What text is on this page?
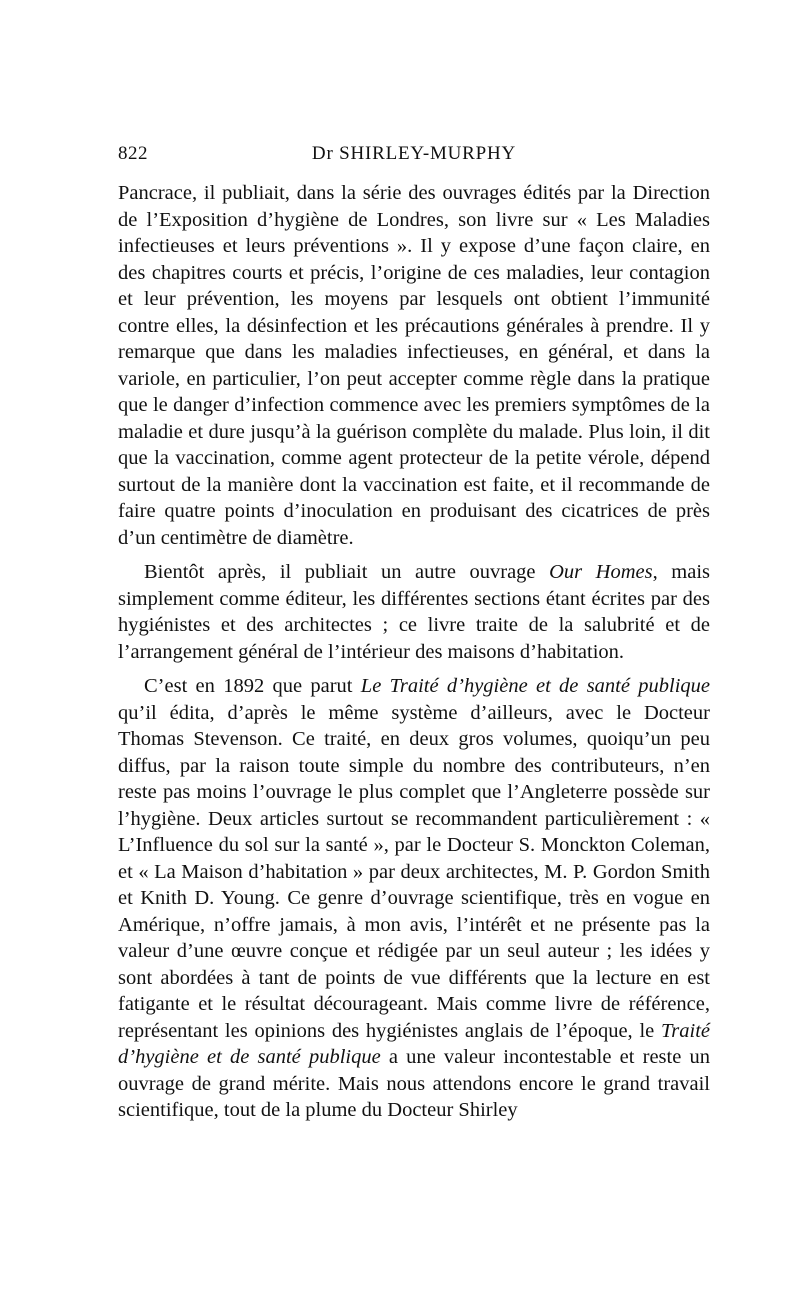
822	Dr SHIRLEY-MURPHY

Pancrace, il publiait, dans la série des ouvrages édités par la Direction de l’Exposition d’hygiène de Londres, son livre sur « Les Maladies infectieuses et leurs préventions ». Il y expose d’une façon claire, en des chapitres courts et précis, l’origine de ces maladies, leur contagion et leur prévention, les moyens par lesquels ont obtient l’immunité contre elles, la désinfection et les précautions générales à prendre. Il y remarque que dans les maladies infectieuses, en général, et dans la variole, en particulier, l’on peut accepter comme règle dans la pratique que le danger d’infection commence avec les premiers symptômes de la maladie et dure jusqu’à la guérison complète du malade. Plus loin, il dit que la vaccination, comme agent protecteur de la petite vérole, dépend surtout de la manière dont la vaccination est faite, et il recommande de faire quatre points d’inoculation en produisant des cicatrices de près d’un centimètre de diamètre.

Bientôt après, il publiait un autre ouvrage Our Homes, mais simplement comme éditeur, les différentes sections étant écrites par des hygiénistes et des architectes ; ce livre traite de la salubrité et de l’arrangement général de l’intérieur des maisons d’habitation.

C’est en 1892 que parut Le Traité d’hygiène et de santé publique qu’il édita, d’après le même système d’ailleurs, avec le Docteur Thomas Stevenson. Ce traité, en deux gros volumes, quoiqu’un peu diffus, par la raison toute simple du nombre des contributeurs, n’en reste pas moins l’ouvrage le plus complet que l’Angleterre possède sur l’hygiène. Deux articles surtout se recommandent particulièrement : « L’Influence du sol sur la santé », par le Docteur S. Monckton Coleman, et « La Maison d’habitation » par deux architectes, M. P. Gordon Smith et Knith D. Young. Ce genre d’ouvrage scientifique, très en vogue en Amérique, n’offre jamais, à mon avis, l’intérêt et ne présente pas la valeur d’une œuvre conçue et rédigée par un seul auteur ; les idées y sont abordées à tant de points de vue différents que la lecture en est fatigante et le résultat décourageant. Mais comme livre de référence, représentant les opinions des hygiénistes anglais de l’époque, le Traité d’hygiène et de santé publique a une valeur incontestable et reste un ouvrage de grand mérite. Mais nous attendons encore le grand travail scientifique, tout de la plume du Docteur Shirley
